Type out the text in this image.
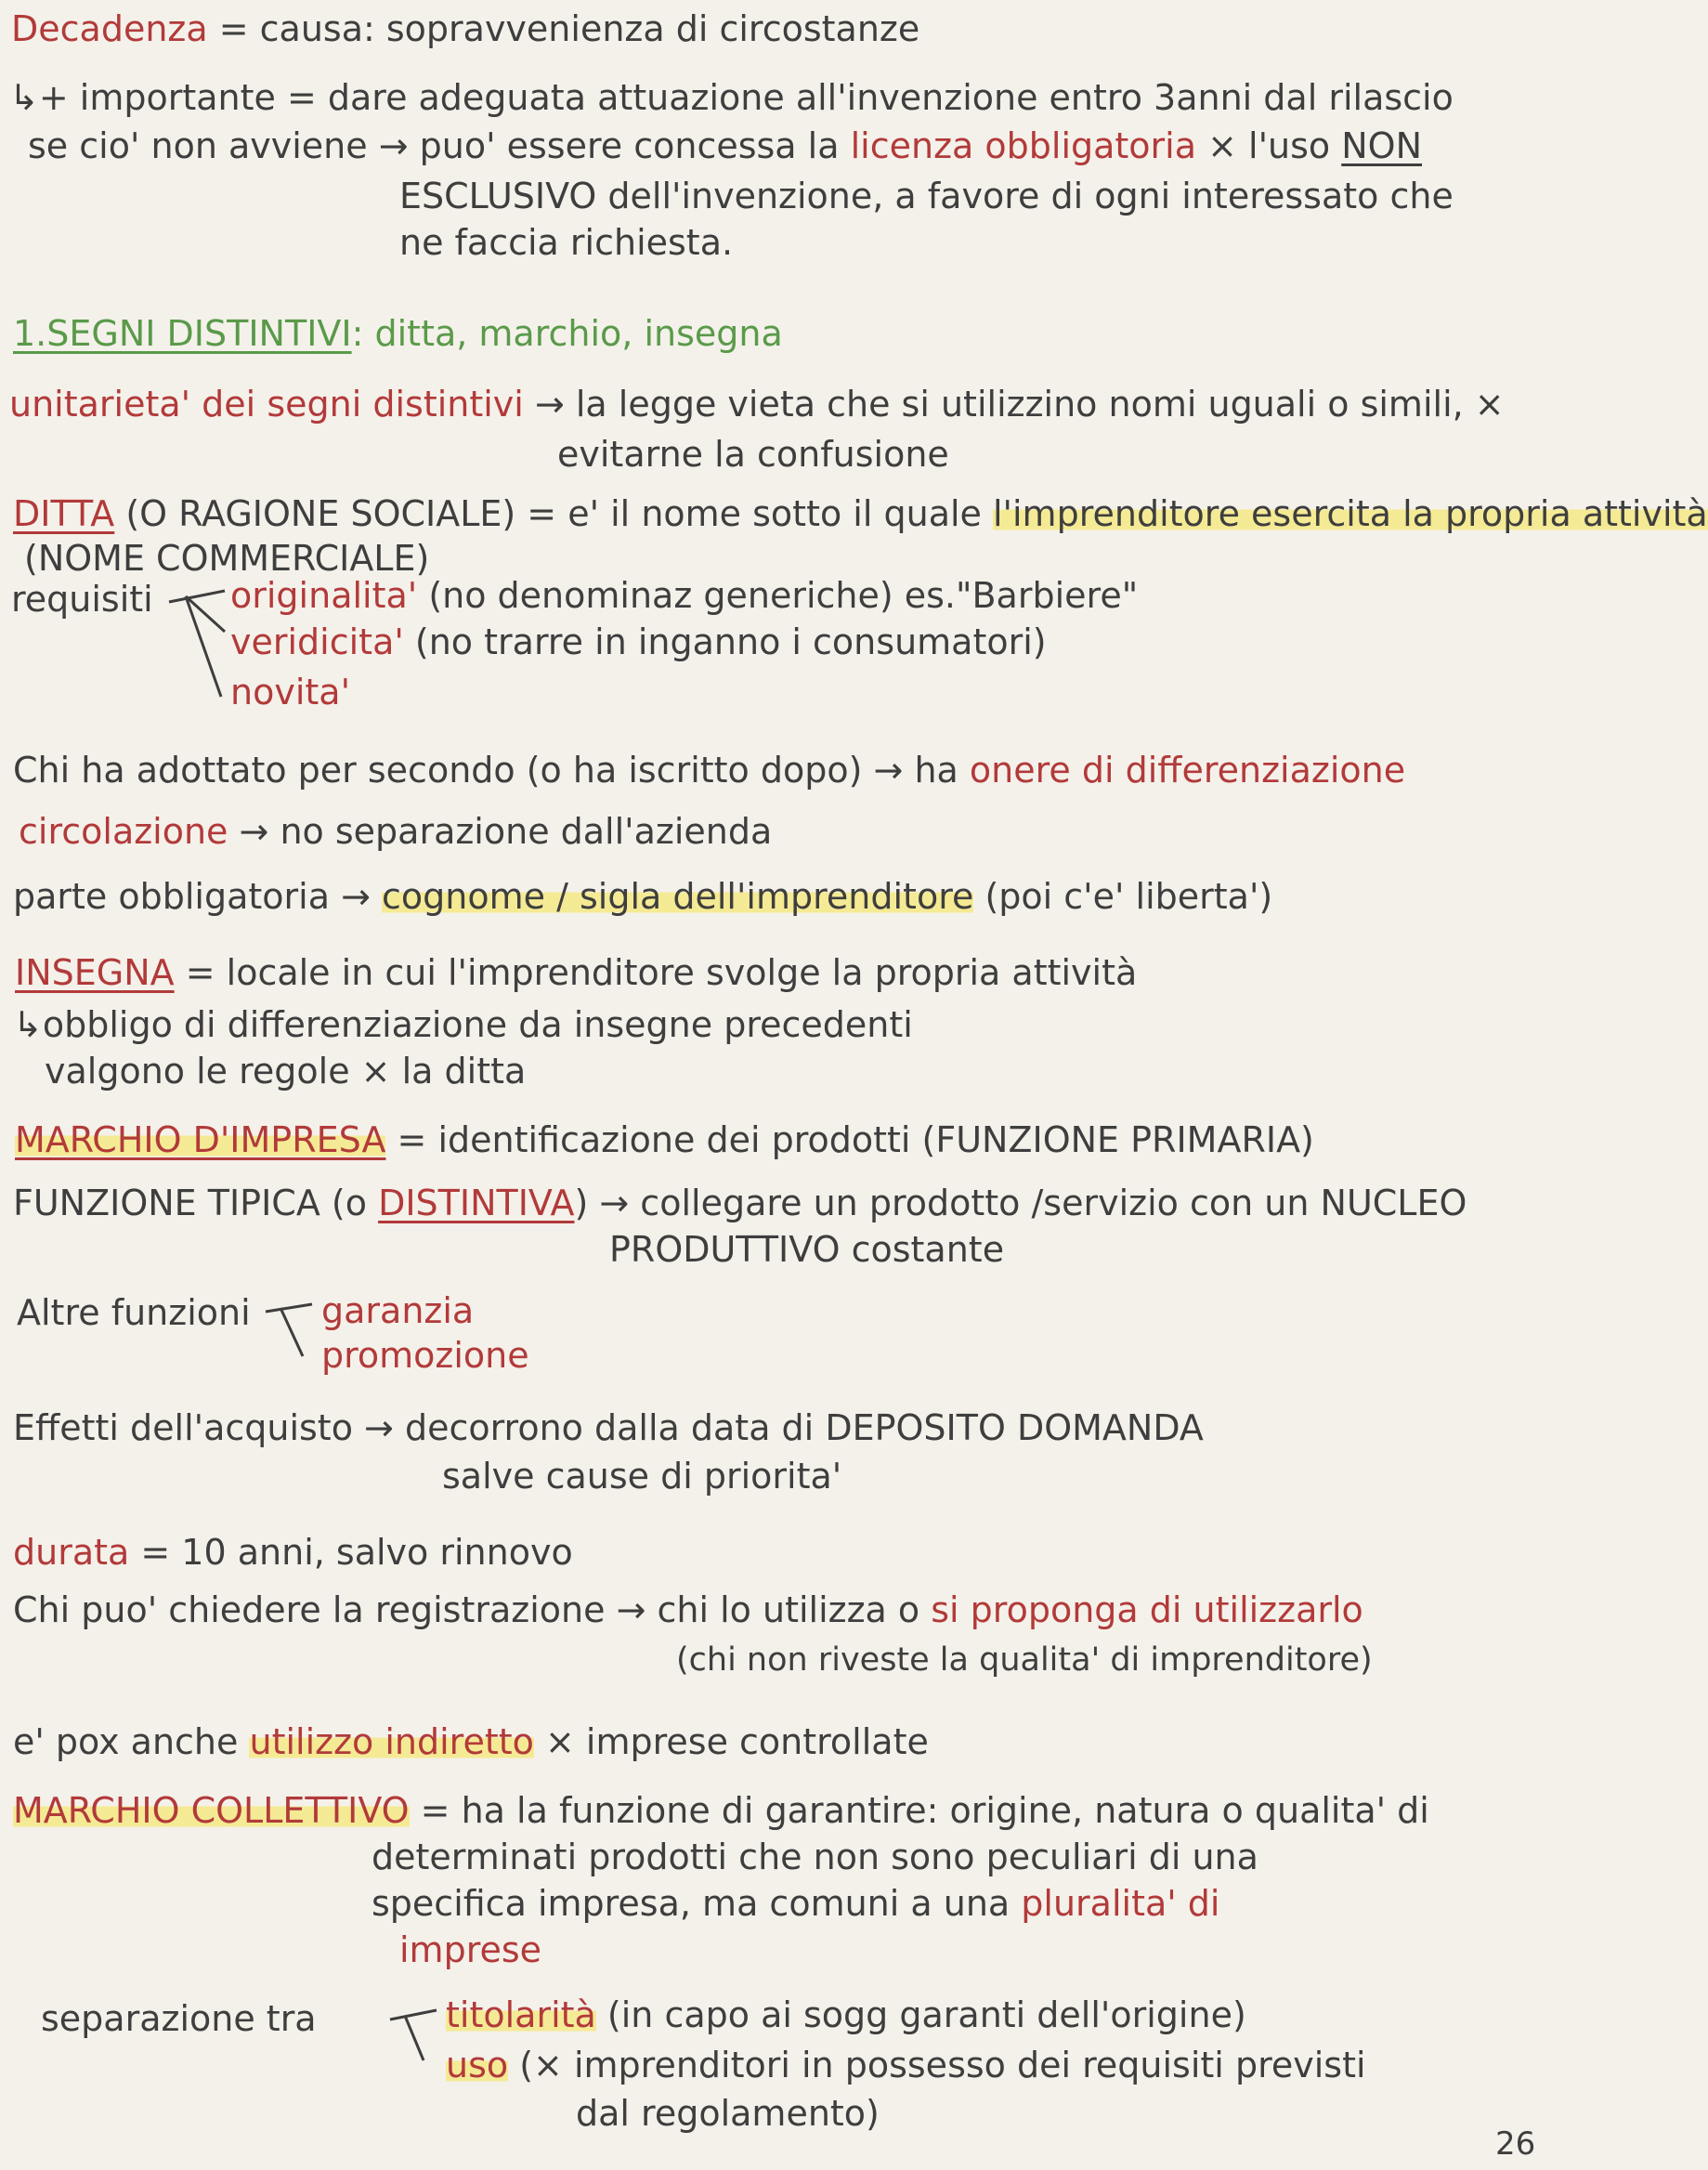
Decadenza = causa: sopravvenienza di circostanze
↳+ importante = dare adeguata attuazione all'invenzione entro 3anni dal rilascio
se cio' non avviene → puo' essere concessa la licenza obbligatoria × l'uso NON
ESCLUSIVO dell'invenzione, a favore di ogni interessato che
ne faccia richiesta.
1.SEGNI DISTINTIVI: ditta, marchio, insegna
unitarieta' dei segni distintivi → la legge vieta che si utilizzino nomi uguali o simili, ×
evitarne la confusione
DITTA (O RAGIONE SOCIALE) = e' il nome sotto il quale l'imprenditore esercita la propria attività
(NOME COMMERCIALE)
requisiti originalita' (no denominaz generiche) es."Barbiere"
veridicita' (no trarre in inganno i consumatori)
novita'
Chi ha adottato per secondo (o ha iscritto dopo) → ha onere di differenziazione
circolazione → no separazione dall'azienda
parte obbligatoria → cognome / sigla dell'imprenditore (poi c'e' liberta')
INSEGNA = locale in cui l'imprenditore svolge la propria attività
↳obbligo di differenziazione da insegne precedenti
valgono le regole × la ditta
MARCHIO D'IMPRESA = identificazione dei prodotti (FUNZIONE PRIMARIA)
FUNZIONE TIPICA (o DISTINTIVA) → collegare un prodotto /servizio con un NUCLEO
PRODUTTIVO costante
Altre funzioni garanzia
promozione
Effetti dell'acquisto → decorrono dalla data di DEPOSITO DOMANDA
salve cause di priorita'
durata = 10 anni, salvo rinnovo
Chi puo' chiedere la registrazione → chi lo utilizza o si proponga di utilizzarlo
(chi non riveste la qualita' di imprenditore)
e' pox anche utilizzo indiretto × imprese controllate
MARCHIO COLLETTIVO = ha la funzione di garantire: origine, natura o qualita' di
determinati prodotti che non sono peculiari di una
specifica impresa, ma comuni a una pluralita' di
imprese
separazione tra	titolarità (in capo ai sogg garanti dell'origine)
uso (× imprenditori in possesso dei requisiti previsti
dal regolamento)
26
